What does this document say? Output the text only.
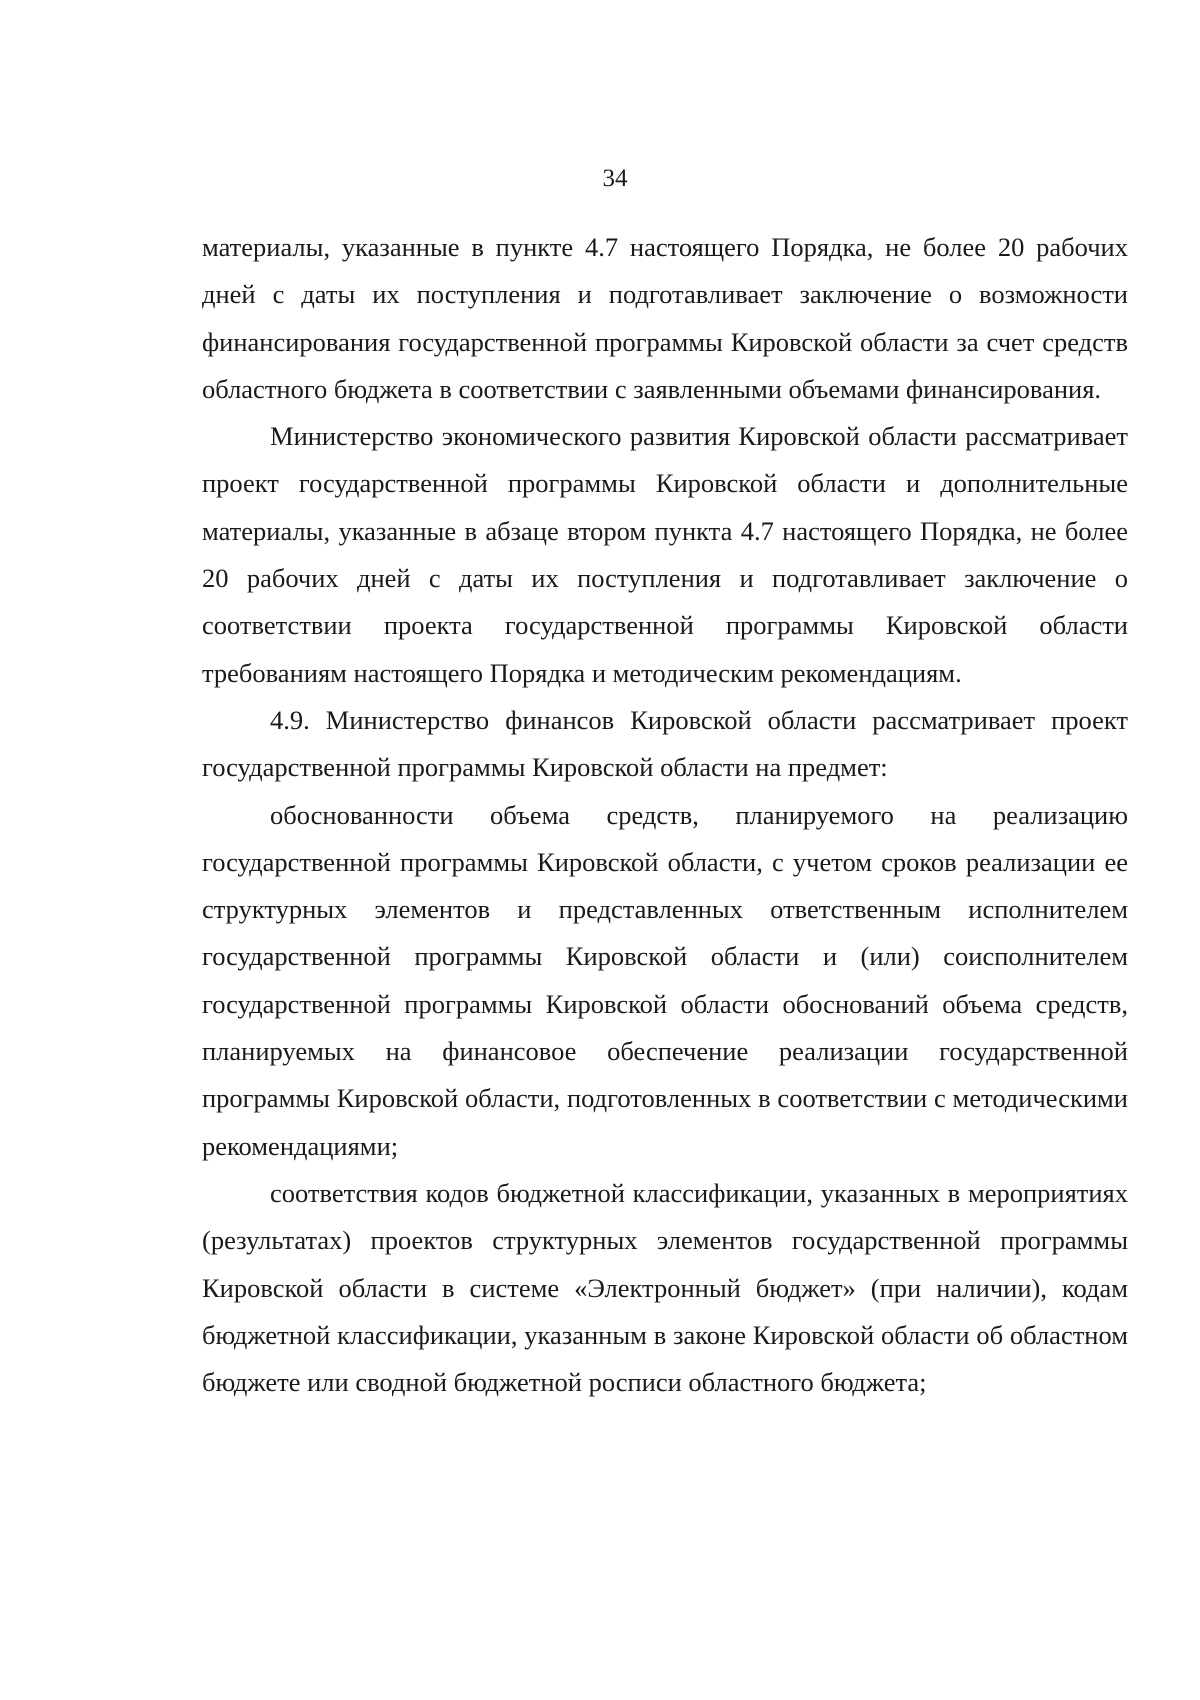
34

материалы, указанные в пункте 4.7 настоящего Порядка, не более 20 рабочих дней с даты их поступления и подготавливает заключение о возможности финансирования государственной программы Кировской области за счет средств областного бюджета в соответствии с заявленными объемами финансирования.

Министерство экономического развития Кировской области рассматривает проект государственной программы Кировской области и дополнительные материалы, указанные в абзаце втором пункта 4.7 настоящего Порядка, не более 20 рабочих дней с даты их поступления и подготавливает заключение о соответствии проекта государственной программы Кировской области требованиям настоящего Порядка и методическим рекомендациям.

4.9. Министерство финансов Кировской области рассматривает проект государственной программы Кировской области на предмет:

обоснованности объема средств, планируемого на реализацию государственной программы Кировской области, с учетом сроков реализации ее структурных элементов и представленных ответственным исполнителем государственной программы Кировской области и (или) соисполнителем государственной программы Кировской области обоснований объема средств, планируемых на финансовое обеспечение реализации государственной программы Кировской области, подготовленных в соответствии с методическими рекомендациями;

соответствия кодов бюджетной классификации, указанных в мероприятиях (результатах) проектов структурных элементов государственной программы Кировской области в системе «Электронный бюджет» (при наличии), кодам бюджетной классификации, указанным в законе Кировской области об областном бюджете или сводной бюджетной росписи областного бюджета;
